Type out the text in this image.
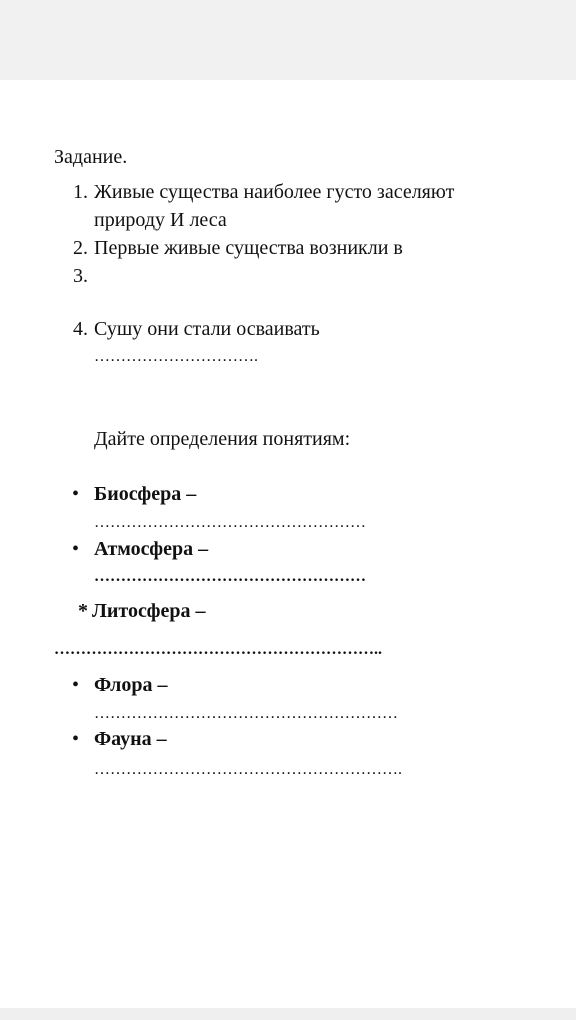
Задание.
1. Живые существа наиболее густо заселяют
природу И леса
2. Первые живые существа возникли в
3.
4. Сушу они стали осваивать
………………………….
Дайте определения понятиям:
• Биосфера –
……………………………………………
• Атмосфера –
……………………………………………
* Литосфера –
……………………………………………………..
• Флора –
…………………………………………………
• Фауна –
………………………………………………….
